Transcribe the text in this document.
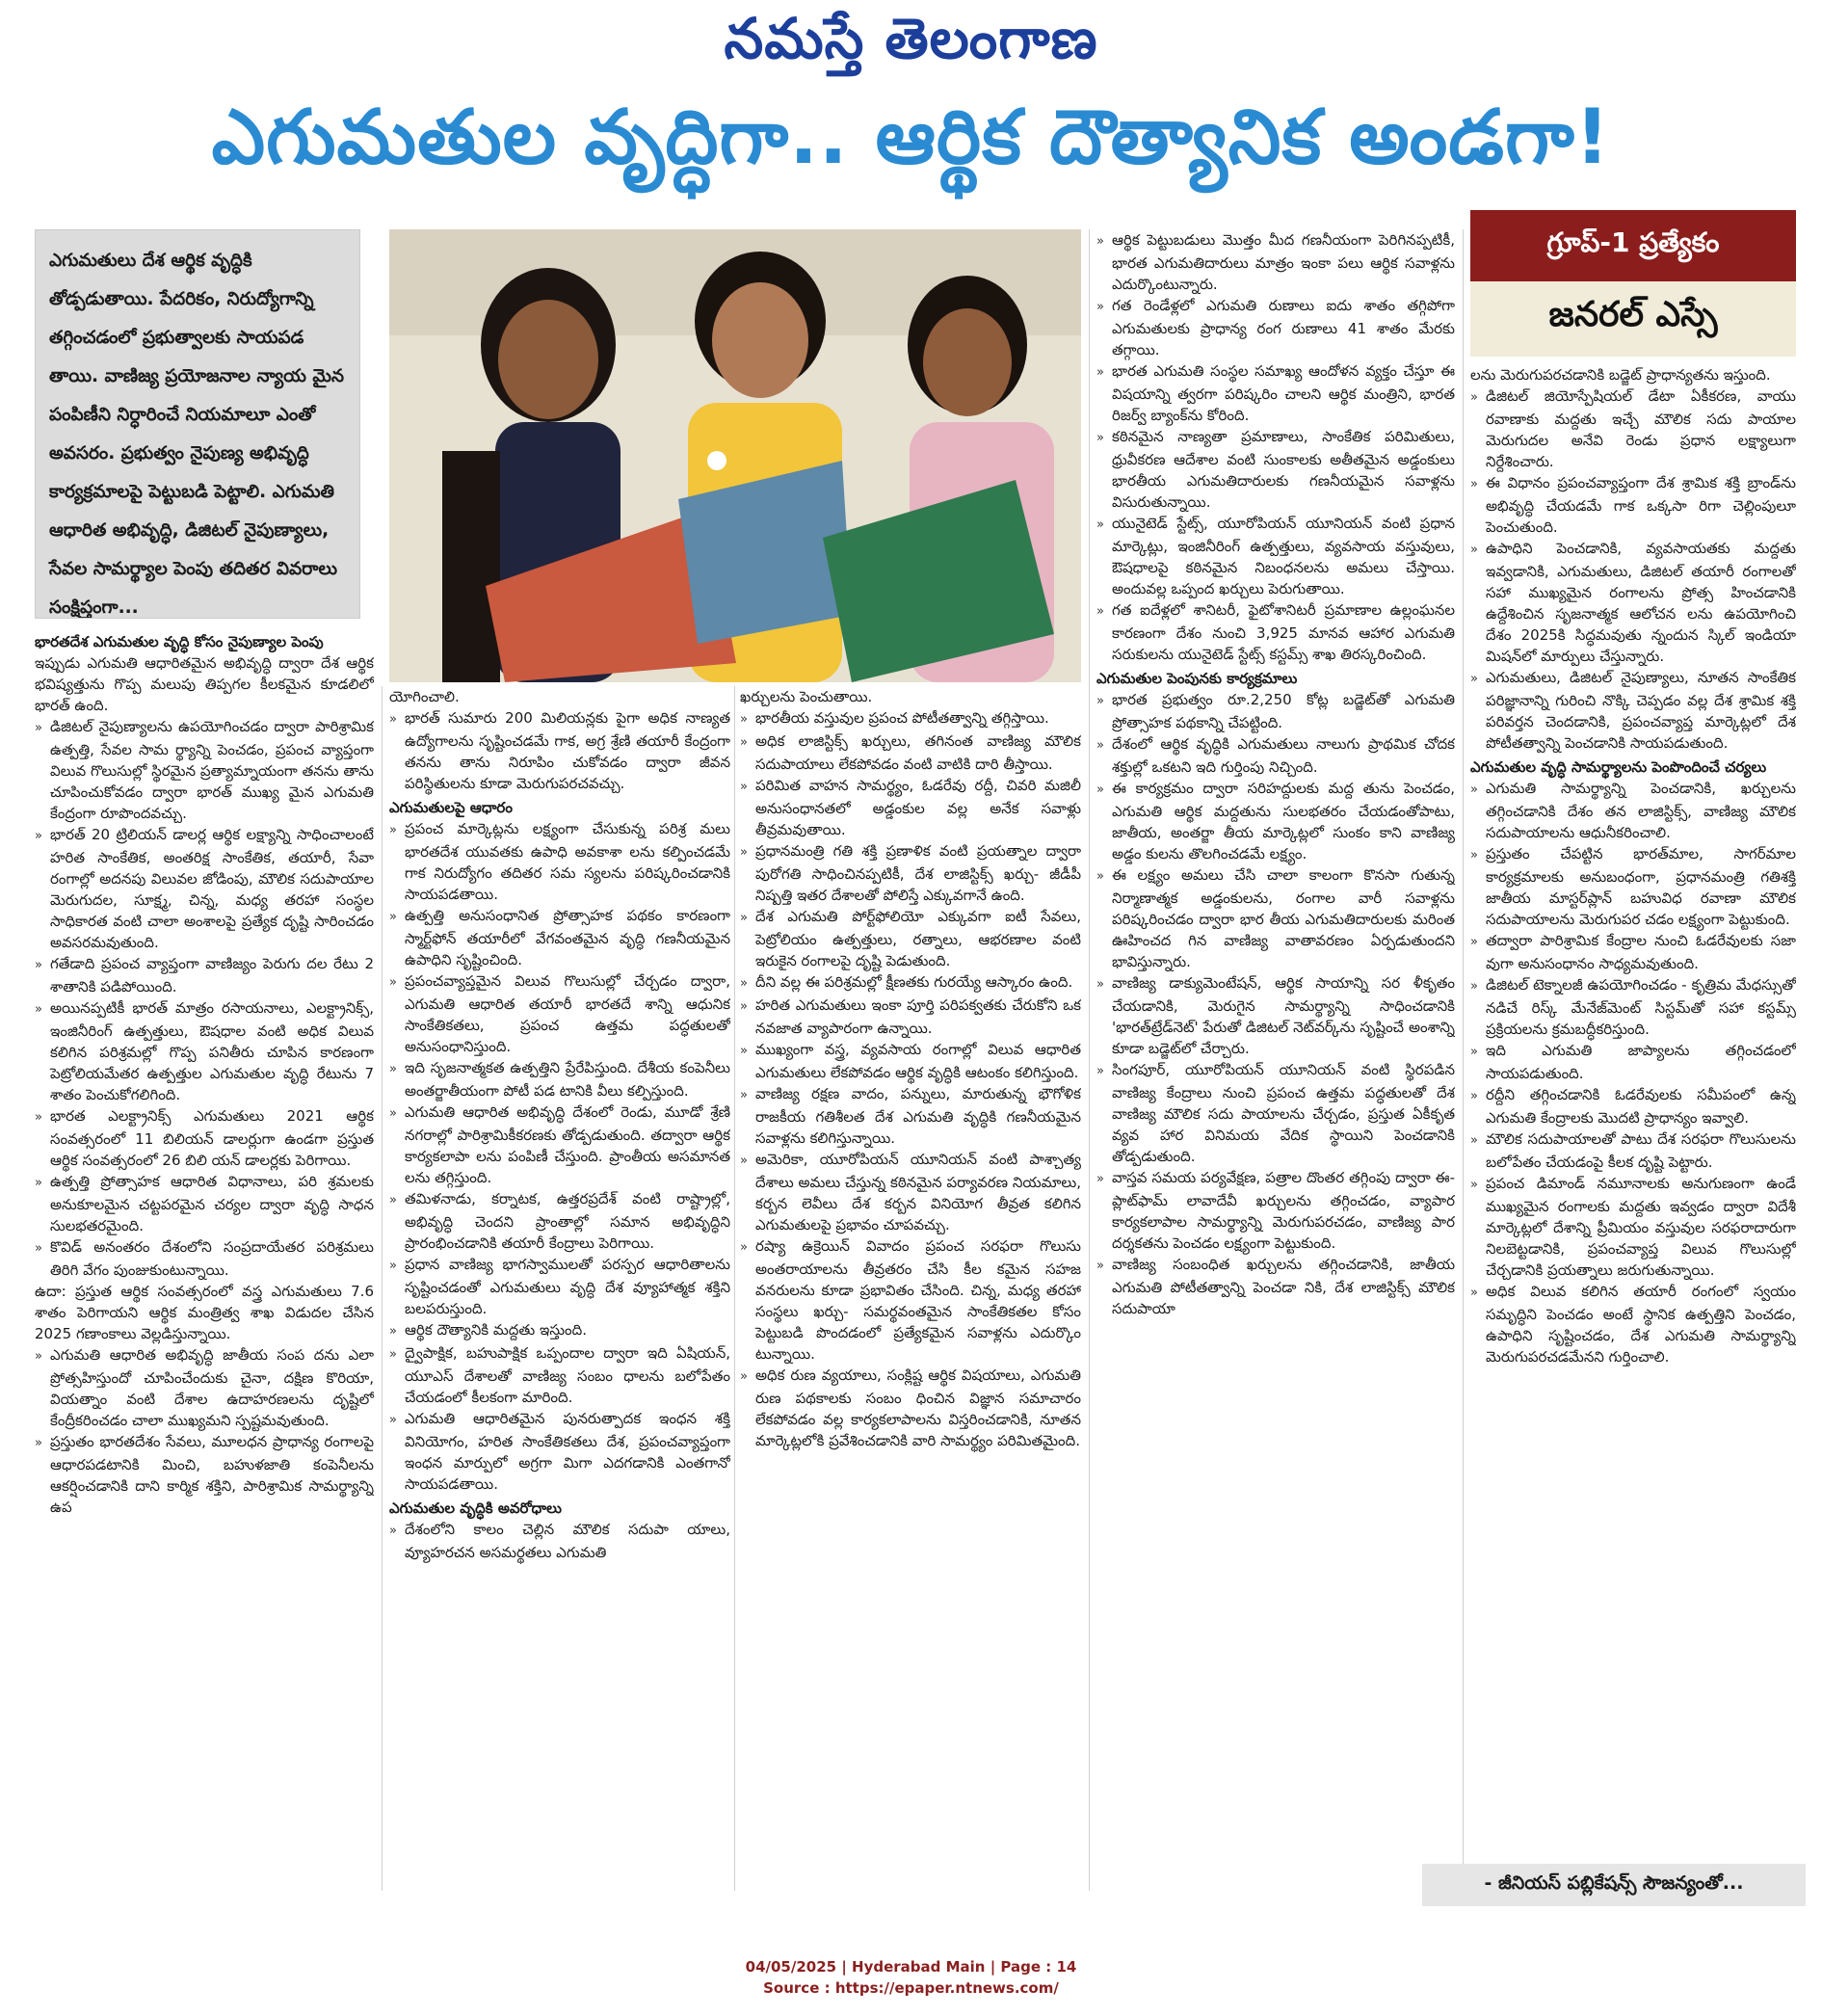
నమస్తే తెలంగాణ
ఎగుమతుల వృద్ధిగా.. ఆర్థిక దౌత్యానిక అండగా!
ఎగుమతులు దేశ ఆర్థిక వృద్ధికి తోడ్పడుతాయి. పేదరికం, నిరుద్యోగాన్ని తగ్గించడంలో ప్రభుత్వాలకు సాయపడ తాయి. వాణిజ్య ప్రయోజనాల న్యాయ మైన పంపిణీని నిర్ధారించే నియమాలూ ఎంతో అవసరం. ప్రభుత్వం నైపుణ్య అభివృద్ధి కార్యక్రమాలపై పెట్టుబడి పెట్టాలి. ఎగుమతి ఆధారిత అభివృద్ధి, డిజిటల్ నైపుణ్యాలు, సేవల సామర్థ్యాల పెంపు తదితర వివరాలు సంక్షిప్తంగా...
గ్రూప్-1 ప్రత్యేకం
జనరల్ ఎస్సే

భారతదేశ ఎగుమతుల వృద్ధి కోసం నైపుణ్యాల పెంపు

ఇప్పుడు ఎగుమతి ఆధారితమైన అభివృద్ధి ద్వారా దేశ ఆర్థిక భవిష్యత్తును గొప్ప మలుపు తిప్పగల కీలకమైన కూడలిలో భారత్ ఉంది.

» డిజిటల్ నైపుణ్యాలను ఉపయోగించడం ద్వారా పారిశ్రామిక ఉత్పత్తి, సేవల సామ ర్థ్యాన్ని పెంచడం, ప్రపంచ వ్యాప్తంగా విలువ గొలుసుల్లో స్థిరమైన ప్రత్యామ్నాయంగా తనను తాను చూపించుకోవడం ద్వారా భారత్ ముఖ్య మైన ఎగుమతి కేంద్రంగా రూపొందవచ్చు.

» భారత్ 20 ట్రిలియన్ డాలర్ల ఆర్థిక లక్ష్యాన్ని సాధించాలంటే హరిత సాంకేతిక, అంతరిక్ష సాంకేతిక, తయారీ, సేవా రంగాల్లో అదనపు విలువల జోడింపు, మౌలిక సదుపాయాల మెరుగుదల, సూక్ష్మ, చిన్న, మధ్య తరహా సంస్థల సాధికారత వంటి చాలా అంశాలపై ప్రత్యేక దృష్టి సారించడం అవసరమవుతుంది.

» గతేడాది ప్రపంచ వ్యాప్తంగా వాణిజ్యం పెరుగు దల రేటు 2 శాతానికి పడిపోయింది.

» అయినప్పటికీ భారత్ మాత్రం రసాయనాలు, ఎలక్ట్రానిక్స్, ఇంజినీరింగ్ ఉత్పత్తులు, ఔషధాల వంటి అధిక విలువ కలిగిన పరిశ్రమల్లో గొప్ప పనితీరు చూపిన కారణంగా పెట్రోలియమేతర ఉత్పత్తుల ఎగుమతుల వృద్ధి రేటును 7 శాతం పెంచుకోగలిగింది.

» భారత ఎలక్ట్రానిక్స్ ఎగుమతులు 2021 ఆర్థిక సంవత్సరంలో 11 బిలియన్ డాలర్లుగా ఉండగా ప్రస్తుత ఆర్థిక సంవత్సరంలో 26 బిలి యన్ డాలర్లకు పెరిగాయి.

» ఉత్పత్తి ప్రోత్సాహక ఆధారిత విధానాలు, పరి శ్రమలకు అనుకూలమైన చట్టపరమైన చర్యల ద్వారా వృద్ధి సాధన సులభతరమైంది.

» కొవిడ్ అనంతరం దేశంలోని సంప్రదాయేతర పరిశ్రమలు తిరిగి వేగం పుంజుకుంటున్నాయి.

ఉదా: ప్రస్తుత ఆర్థిక సంవత్సరంలో వస్త్ర ఎగుమతులు 7.6 శాతం పెరిగాయని ఆర్థిక మంత్రిత్వ శాఖ విడుదల చేసిన 2025 గణాంకాలు వెల్లడిస్తున్నాయి.

» ఎగుమతి ఆధారిత అభివృద్ధి జాతీయ సంప దను ఎలా ప్రోత్సహిస్తుందో చూపించేందుకు చైనా, దక్షిణ కొరియా, వియత్నాం వంటి దేశాల ఉదాహరణలను దృష్టిలో కేంద్రీకరించడం చాలా ముఖ్యమని స్పష్టమవుతుంది.

» ప్రస్తుతం భారతదేశం సేవలు, మూలధన ప్రాధాన్య రంగాలపై ఆధారపడటానికి మించి, బహుళజాతి కంపెనీలను ఆకర్షించడానికి దాని కార్మిక శక్తిని, పారిశ్రామిక సామర్థ్యాన్ని ఉప

యోగించాలి.

» భారత్ సుమారు 200 మిలియన్లకు పైగా అధిక నాణ్యత ఉద్యోగాలను సృష్టించడమే గాక, అగ్ర శ్రేణి తయారీ కేంద్రంగా తనను తాను నిరూపిం చుకోవడం ద్వారా జీవన పరిస్థితులను కూడా మెరుగుపరచవచ్చు.

ఎగుమతులపై ఆధారం

» ప్రపంచ మార్కెట్లను లక్ష్యంగా చేసుకున్న పరిశ్ర మలు భారతదేశ యువతకు ఉపాధి అవకాశా లను కల్పించడమే గాక నిరుద్యోగం తదితర సమ స్యలను పరిష్కరించడానికి సాయపడతాయి.

» ఉత్పత్తి అనుసంధానిత ప్రోత్సాహక పథకం కారణంగా స్మార్ట్‌ఫోన్ తయారీలో వేగవంతమైన వృద్ధి గణనీయమైన ఉపాధిని సృష్టించింది.

» ప్రపంచవ్యాప్తమైన విలువ గొలుసుల్లో చేర్చడం ద్వారా, ఎగుమతి ఆధారిత తయారీ భారతదే శాన్ని ఆధునిక సాంకేతికతలు, ప్రపంచ ఉత్తమ పద్ధతులతో అనుసంధానిస్తుంది.

» ఇది సృజనాత్మకత ఉత్పత్తిని ప్రేరేపిస్తుంది. దేశీయ కంపెనీలు అంతర్జాతీయంగా పోటీ పడ టానికి వీలు కల్పిస్తుంది.

» ఎగుమతి ఆధారిత అభివృద్ధి దేశంలో రెండు, మూడో శ్రేణి నగరాల్లో పారిశ్రామికీకరణకు తోడ్పడుతుంది. తద్వారా ఆర్థిక కార్యకలాపా లను పంపిణీ చేస్తుంది. ప్రాంతీయ అసమానత లను తగ్గిస్తుంది.

» తమిళనాడు, కర్నాటక, ఉత్తరప్రదేశ్ వంటి రాష్ట్రాల్లో, అభివృద్ధి చెందని ప్రాంతాల్లో సమాన అభివృద్ధిని ప్రారంభించడానికి తయారీ కేంద్రాలు పెరిగాయి.

» ప్రధాన వాణిజ్య భాగస్వాములతో పరస్పర ఆధారితాలను సృష్టించడంతో ఎగుమతులు వృద్ధి దేశ వ్యూహాత్మక శక్తిని బలపరుస్తుంది.

» ఆర్థిక దౌత్యానికి మద్దతు ఇస్తుంది.

» ద్వైపాక్షిక, బహుపాక్షిక ఒప్పందాల ద్వారా ఇది ఏషియన్, యూఎస్ దేశాలతో వాణిజ్య సంబం ధాలను బలోపేతం చేయడంలో కీలకంగా మారింది.

» ఎగుమతి ఆధారితమైన పునరుత్పాదక ఇంధన శక్తి వినియోగం, హరిత సాంకేతికతలు దేశ, ప్రపంచవ్యాప్తంగా ఇంధన మార్పులో అగ్రగా మిగా ఎదగడానికి ఎంతగానో సాయపడతాయి.

ఎగుమతుల వృద్ధికి అవరోధాలు

» దేశంలోని కాలం చెల్లిన మౌలిక సదుపా యాలు, వ్యూహరచన అసమర్థతలు ఎగుమతి

ఖర్చులను పెంచుతాయి.

» భారతీయ వస్తువుల ప్రపంచ పోటీతత్వాన్ని తగ్గిస్తాయి.

» అధిక లాజిస్టిక్స్ ఖర్చులు, తగినంత వాణిజ్య మౌలిక సదుపాయాలు లేకపోవడం వంటి వాటికి దారి తీస్తాయి.

» పరిమిత వాహన సామర్థ్యం, ఓడరేవు రద్దీ, చివరి మజిలీ అనుసంధానతలో అడ్డంకుల వల్ల అనేక సవాళ్లు తీవ్రమవుతాయి.

» ప్రధానమంత్రి గతి శక్తి ప్రణాళిక వంటి ప్రయత్నాల ద్వారా పురోగతి సాధించినప్పటికీ, దేశ లాజిస్టిక్స్ ఖర్చు- జీడీపీ నిష్పత్తి ఇతర దేశాలతో పోలిస్తే ఎక్కువగానే ఉంది.

» దేశ ఎగుమతి పోర్ట్‌ఫోలియో ఎక్కువగా ఐటీ సేవలు, పెట్రోలియం ఉత్పత్తులు, రత్నాలు, ఆభరణాల వంటి ఇరుకైన రంగాలపై దృష్టి పెడుతుంది.

» దీని వల్ల ఈ పరిశ్రమల్లో క్షీణతకు గురయ్యే ఆస్కారం ఉంది.

» హరిత ఎగుమతులు ఇంకా పూర్తి పరిపక్వతకు చేరుకోని ఒక నవజాత వ్యాపారంగా ఉన్నాయి.

» ముఖ్యంగా వస్త్ర, వ్యవసాయ రంగాల్లో విలువ ఆధారిత ఎగుమతులు లేకపోవడం ఆర్థిక వృద్ధికి ఆటంకం కలిగిస్తుంది.

» వాణిజ్య రక్షణ వాదం, పన్నులు, మారుతున్న భౌగోళిక రాజకీయ గతిశీలత దేశ ఎగుమతి వృద్ధికి గణనీయమైన సవాళ్లను కలిగిస్తున్నాయి.

» అమెరికా, యూరోపియన్ యూనియన్ వంటి పాశ్చాత్య దేశాలు అమలు చేస్తున్న కఠినమైన పర్యావరణ నియమాలు, కర్బన లెవీలు దేశ కర్బన వినియోగ తీవ్రత కలిగిన ఎగుమతులపై ప్రభావం చూపవచ్చు.

» రష్యా ఉక్రెయిన్ వివాదం ప్రపంచ సరఫరా గొలుసు అంతరాయాలను తీవ్రతరం చేసి కీల కమైన సహజ వనరులను కూడా ప్రభావితం చేసింది. చిన్న, మధ్య తరహా సంస్థలు ఖర్చు- సమర్థవంతమైన సాంకేతికతల కోసం పెట్టుబడి పొందడంలో ప్రత్యేకమైన సవాళ్లను ఎదుర్కొం టున్నాయి.

» అధిక రుణ వ్యయాలు, సంక్లిష్ట ఆర్థిక విషయాలు, ఎగుమతి రుణ పథకాలకు సంబం ధించిన విజ్ఞాన సమాచారం లేకపోవడం వల్ల కార్యకలాపాలను విస్తరించడానికి, నూతన మార్కెట్లలోకి ప్రవేశించడానికి వారి సామర్థ్యం పరిమితమైంది.

» ఆర్థిక పెట్టుబడులు మొత్తం మీద గణనీయంగా పెరిగినప్పటికీ, భారత ఎగుమతిదారులు మాత్రం ఇంకా పలు ఆర్థిక సవాళ్లను ఎదుర్కొంటున్నారు.

» గత రెండేళ్లలో ఎగుమతి రుణాలు ఐదు శాతం తగ్గిపోగా ఎగుమతులకు ప్రాధాన్య రంగ రుణాలు 41 శాతం మేరకు తగ్గాయి.

» భారత ఎగుమతి సంస్థల సమాఖ్య ఆందోళన వ్యక్తం చేస్తూ ఈ విషయాన్ని త్వరగా పరిష్కరిం చాలని ఆర్థిక మంత్రిని, భారత రిజర్వ్ బ్యాంక్‌ను కోరింది.

» కఠినమైన నాణ్యతా ప్రమాణాలు, సాంకేతిక పరిమితులు, ధ్రువీకరణ ఆదేశాల వంటి సుంకాలకు అతీతమైన అడ్డంకులు భారతీయ ఎగుమతిదారులకు గణనీయమైన సవాళ్లను విసురుతున్నాయి.

» యునైటెడ్ స్టేట్స్, యూరోపియన్ యూనియన్ వంటి ప్రధాన మార్కెట్లు, ఇంజినీరింగ్ ఉత్పత్తులు, వ్యవసాయ వస్తువులు, ఔషధాలపై కఠినమైన నిబంధనలను అమలు చేస్తాయి. అందువల్ల ఒప్పంద ఖర్చులు పెరుగుతాయి.

» గత ఐదేళ్లలో శానిటరీ, ఫైటోశానిటరీ ప్రమాణాల ఉల్లంఘనల కారణంగా దేశం నుంచి 3,925 మానవ ఆహార ఎగుమతి సరుకులను యునైటెడ్ స్టేట్స్ కస్టమ్స్ శాఖ తిరస్కరించింది.

ఎగుమతుల పెంపునకు కార్యక్రమాలు

» భారత ప్రభుత్వం రూ.2,250 కోట్ల బడ్జెట్‌తో ఎగుమతి ప్రోత్సాహక పథకాన్ని చేపట్టింది.

» దేశంలో ఆర్థిక వృద్ధికి ఎగుమతులు నాలుగు ప్రాథమిక చోదక శక్తుల్లో ఒకటని ఇది గుర్తింపు నిచ్చింది.

» ఈ కార్యక్రమం ద్వారా సరిహద్దులకు మద్ద తును పెంచడం, ఎగుమతి ఆర్థిక మద్దతును సులభతరం చేయడంతోపాటు, జాతీయ, అంతర్జా తీయ మార్కెట్లలో సుంకం కాని వాణిజ్య అడ్డం కులను తొలగించడమే లక్ష్యం.

» ఈ లక్ష్యం అమలు చేసి చాలా కాలంగా కొనసా గుతున్న నిర్మాణాత్మక అడ్డంకులను, రంగాల వారీ సవాళ్లను పరిష్కరించడం ద్వారా భార తీయ ఎగుమతిదారులకు మరింత ఊహించద గిన వాణిజ్య వాతావరణం ఏర్పడుతుందని భావిస్తున్నారు.

» వాణిజ్య డాక్యుమెంటేషన్, ఆర్థిక సాయాన్ని సర ళీకృతం చేయడానికి, మెరుగైన సామర్థ్యాన్ని సాధించడానికి 'భారత్‌ట్రేడ్‌నెట్' పేరుతో డిజిటల్ నెట్‌వర్క్‌ను సృష్టించే అంశాన్ని కూడా బడ్జెట్‌లో చేర్చారు.

» సింగపూర్, యూరోపియన్ యూనియన్ వంటి స్థిరపడిన వాణిజ్య కేంద్రాలు నుంచి ప్రపంచ ఉత్తమ పద్ధతులతో దేశ వాణిజ్య మౌలిక సదు పాయాలను చేర్చడం, ప్రస్తుత ఏకీకృత వ్యవ హార వినిమయ వేదిక స్థాయిని పెంచడానికి తోడ్పడుతుంది.

» వాస్తవ సమయ పర్యవేక్షణ, పత్రాల దొంతర తగ్గింపు ద్వారా ఈ-ప్లాట్‌ఫామ్ లావాదేవీ ఖర్చులను తగ్గించడం, వ్యాపార కార్యకలాపాల సామర్థ్యాన్ని మెరుగుపరచడం, వాణిజ్య పార దర్శకతను పెంచడం లక్ష్యంగా పెట్టుకుంది.

» వాణిజ్య సంబంధిత ఖర్చులను తగ్గించడానికి, జాతీయ ఎగుమతి పోటీతత్వాన్ని పెంచడా నికి, దేశ లాజిస్టిక్స్ మౌలిక సదుపాయా

లను మెరుగుపరచడానికి బడ్జెట్ ప్రాధాన్యతను ఇస్తుంది.

» డిజిటల్ జియోస్పేషియల్ డేటా ఏకీకరణ, వాయు రవాణాకు మద్దతు ఇచ్చే మౌలిక సదు పాయాల మెరుగుదల అనేవి రెండు ప్రధాన లక్ష్యాలుగా నిర్దేశించారు.

» ఈ విధానం ప్రపంచవ్యాప్తంగా దేశ శ్రామిక శక్తి బ్రాండ్‌ను అభివృద్ధి చేయడమే గాక ఒక్కసా రిగా చెల్లింపులూ పెంచుతుంది.

» ఉపాధిని పెంచడానికి, వ్యవసాయతకు మద్దతు ఇవ్వడానికి, ఎగుమతులు, డిజిటల్ తయారీ రంగాలతో సహా ముఖ్యమైన రంగాలను ప్రోత్స హించడానికి ఉద్దేశించిన సృజనాత్మక ఆలోచన లను ఉపయోగించి దేశం 2025కి సిద్ధమవుతు న్నందున స్కిల్ ఇండియా మిషన్‌లో మార్పులు చేస్తున్నారు.

» ఎగుమతులు, డిజిటల్ నైపుణ్యాలు, నూతన సాంకేతిక పరిజ్ఞానాన్ని గురించి నొక్కి చెప్పడం వల్ల దేశ శ్రామిక శక్తి పరివర్తన చెందడానికి, ప్రపంచవ్యాప్త మార్కెట్లలో దేశ పోటీతత్వాన్ని పెంచడానికి సాయపడుతుంది.

ఎగుమతుల వృద్ధి సామర్థ్యాలను పెంపొందించే చర్యలు

» ఎగుమతి సామర్థ్యాన్ని పెంచడానికి, ఖర్చులను తగ్గించడానికి దేశం తన లాజిస్టిక్స్, వాణిజ్య మౌలిక సదుపాయాలను ఆధునీకరించాలి.

» ప్రస్తుతం చేపట్టిన భారత్‌మాల, సాగర్‌మాల కార్యక్రమాలకు అనుబంధంగా, ప్రధానమంత్రి గతిశక్తి జాతీయ మాస్టర్‌ప్లాన్ బహువిధ రవాణా మౌలిక సదుపాయాలను మెరుగుపర చడం లక్ష్యంగా పెట్టుకుంది.

» తద్వారా పారిశ్రామిక కేంద్రాల నుంచి ఓడరేవులకు సజా వుగా అనుసంధానం సాధ్యమవుతుంది.

» డిజిటల్ టెక్నాలజీ ఉపయోగించడం - కృత్రిమ మేధస్సుతో నడిచే రిస్క్ మేనేజ్‌మెంట్ సిస్టమ్‌తో సహా కస్టమ్స్ ప్రక్రియలను క్రమబద్ధీకరిస్తుంది.

» ఇది ఎగుమతి జాప్యాలను తగ్గించడంలో సాయపడుతుంది.

» రద్దీని తగ్గించడానికి ఓడరేవులకు సమీపంలో ఉన్న ఎగుమతి కేంద్రాలకు మొదటి ప్రాధాన్యం ఇవ్వాలి.

» మౌలిక సదుపాయాలతో పాటు దేశ సరఫరా గొలుసులను బలోపేతం చేయడంపై కీలక దృష్టి పెట్టారు.

» ప్రపంచ డిమాండ్ నమూనాలకు అనుగుణంగా ఉండే ముఖ్యమైన రంగాలకు మద్దతు ఇవ్వడం ద్వారా విదేశీ మార్కెట్లలో దేశాన్ని ప్రీమియం వస్తువుల సరఫరాదారుగా నిలబెట్టడానికి, ప్రపంచవ్యాప్త విలువ గొలుసుల్లో చేర్చడానికి ప్రయత్నాలు జరుగుతున్నాయి.

» అధిక విలువ కలిగిన తయారీ రంగంలో స్వయం సమృద్ధిని పెంచడం అంటే స్థానిక ఉత్పత్తిని పెంచడం, ఉపాధిని సృష్టించడం, దేశ ఎగుమతి సామర్థ్యాన్ని మెరుగుపరచడమేనని గుర్తించాలి.

- జీనియస్ పబ్లికేషన్స్ సౌజన్యంతో...
04/05/2025 | Hyderabad Main | Page : 14
Source : https://epaper.ntnews.com/
